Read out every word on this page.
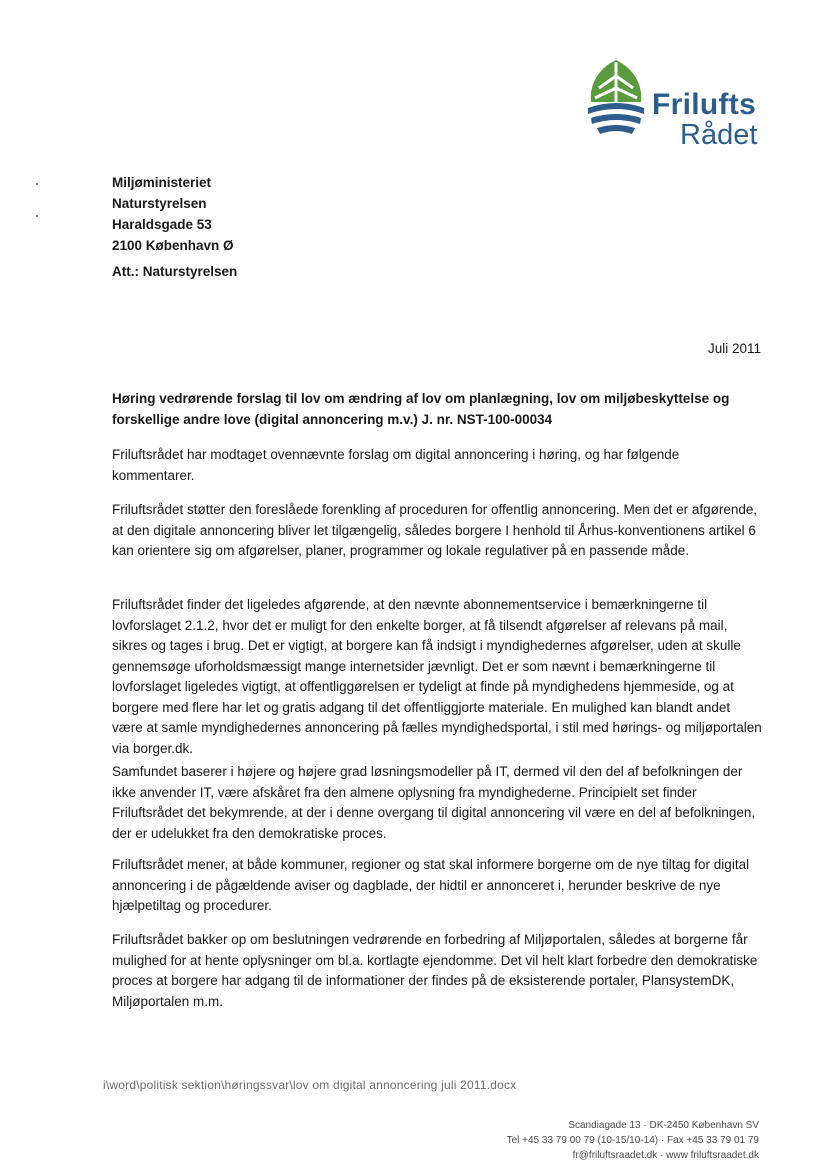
Frilufts
Rådet
Miljøministeriet
Naturstyrelsen
Haraldsgade 53
2100 København Ø
Att.: Naturstyrelsen
Juli 2011
Høring vedrørende forslag til lov om ændring af lov om planlægning, lov om miljøbeskyttelse og forskellige andre love (digital annoncering m.v.) J. nr. NST-100-00034
Friluftsrådet har modtaget ovennævnte forslag om digital annoncering i høring, og har følgende kommentarer.
Friluftsrådet støtter den foreslåede forenkling af proceduren for offentlig annoncering. Men det er afgørende, at den digitale annoncering bliver let tilgængelig, således borgere I henhold til Århus-konventionens artikel 6 kan orientere sig om afgørelser, planer, programmer og lokale regulativer på en passende måde.
Friluftsrådet finder det ligeledes afgørende, at den nævnte abonnementservice i bemærkningerne til lovforslaget 2.1.2, hvor det er muligt for den enkelte borger, at få tilsendt afgørelser af relevans på mail, sikres og tages i brug. Det er vigtigt, at borgere kan få indsigt i myndighedernes afgørelser, uden at skulle gennemsøge uforholdsmæssigt mange internetsider jævnligt. Det er som nævnt i bemærkningerne til lovforslaget ligeledes vigtigt, at offentliggørelsen er tydeligt at finde på myndighedens hjemmeside, og at borgere med flere har let og gratis adgang til det offentliggjorte materiale. En mulighed kan blandt andet være at samle myndighedernes annoncering på fælles myndighedsportal, i stil med hørings- og miljøportalen via borger.dk.
Samfundet baserer i højere og højere grad løsningsmodeller på IT, dermed vil den del af befolkningen der ikke anvender IT, være afskåret fra den almene oplysning fra myndighederne. Principielt set finder Friluftsrådet det bekymrende, at der i denne overgang til digital annoncering vil være en del af befolkningen, der er udelukket fra den demokratiske proces.
Friluftsrådet mener, at både kommuner, regioner og stat skal informere borgerne om de nye tiltag for digital annoncering i de pågældende aviser og dagblade, der hidtil er annonceret i, herunder beskrive de nye hjælpetiltag og procedurer.
Friluftsrådet bakker op om beslutningen vedrørende en forbedring af Miljøportalen, således at borgerne får mulighed for at hente oplysninger om bl.a. kortlagte ejendomme. Det vil helt klart forbedre den demokratiske proces at borgere har adgang til de informationer der findes på de eksisterende portaler, PlansystemDK, Miljøportalen m.m.
i\word\politisk sektion\høringssvar\lov om digital annoncering juli 2011.docx
Scandiagade 13 · DK-2450 København SV
Tel +45 33 79 00 79 (10-15/10-14) · Fax +45 33 79 01 79
fr@friluftsraadet.dk · www friluftsraadet.dk
